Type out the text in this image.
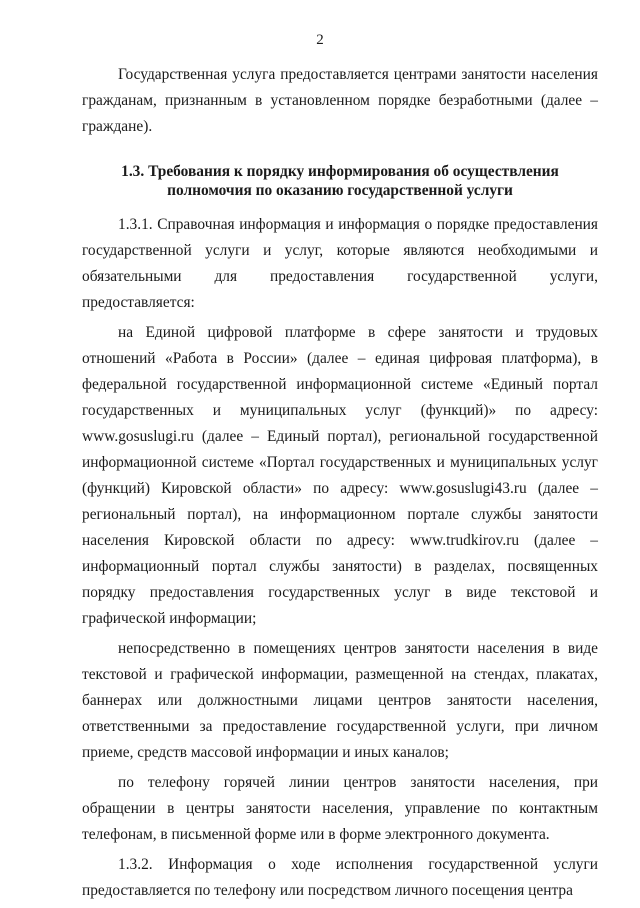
2

Государственная услуга предоставляется центрами занятости населения гражданам, признанным в установленном порядке безработными (далее – граждане).

1.3. Требования к порядку информирования об осуществления
полномочия по оказанию государственной услуги

1.3.1. Справочная информация и информация о порядке предоставления государственной услуги и услуг, которые являются необходимыми и обязательными для предоставления государственной услуги, предоставляется:

на Единой цифровой платформе в сфере занятости и трудовых отношений «Работа в России» (далее – единая цифровая платформа), в федеральной государственной информационной системе «Единый портал государственных и муниципальных услуг (функций)» по адресу: www.gosuslugi.ru (далее – Единый портал), региональной государственной информационной системе «Портал государственных и муниципальных услуг (функций) Кировской области» по адресу: www.gosuslugi43.ru (далее – региональный портал), на информационном портале службы занятости населения Кировской области по адресу: www.trudkirov.ru (далее – информационный портал службы занятости) в разделах, посвященных порядку предоставления государственных услуг в виде текстовой и графической информации;

непосредственно в помещениях центров занятости населения в виде текстовой и графической информации, размещенной на стендах, плакатах, баннерах или должностными лицами центров занятости населения, ответственными за предоставление государственной услуги, при личном приеме, средств массовой информации и иных каналов;

по телефону горячей линии центров занятости населения, при обращении в центры занятости населения, управление по контактным телефонам, в письменной форме или в форме электронного документа.

1.3.2. Информация о ходе исполнения государственной услуги предоставляется по телефону или посредством личного посещения центра
